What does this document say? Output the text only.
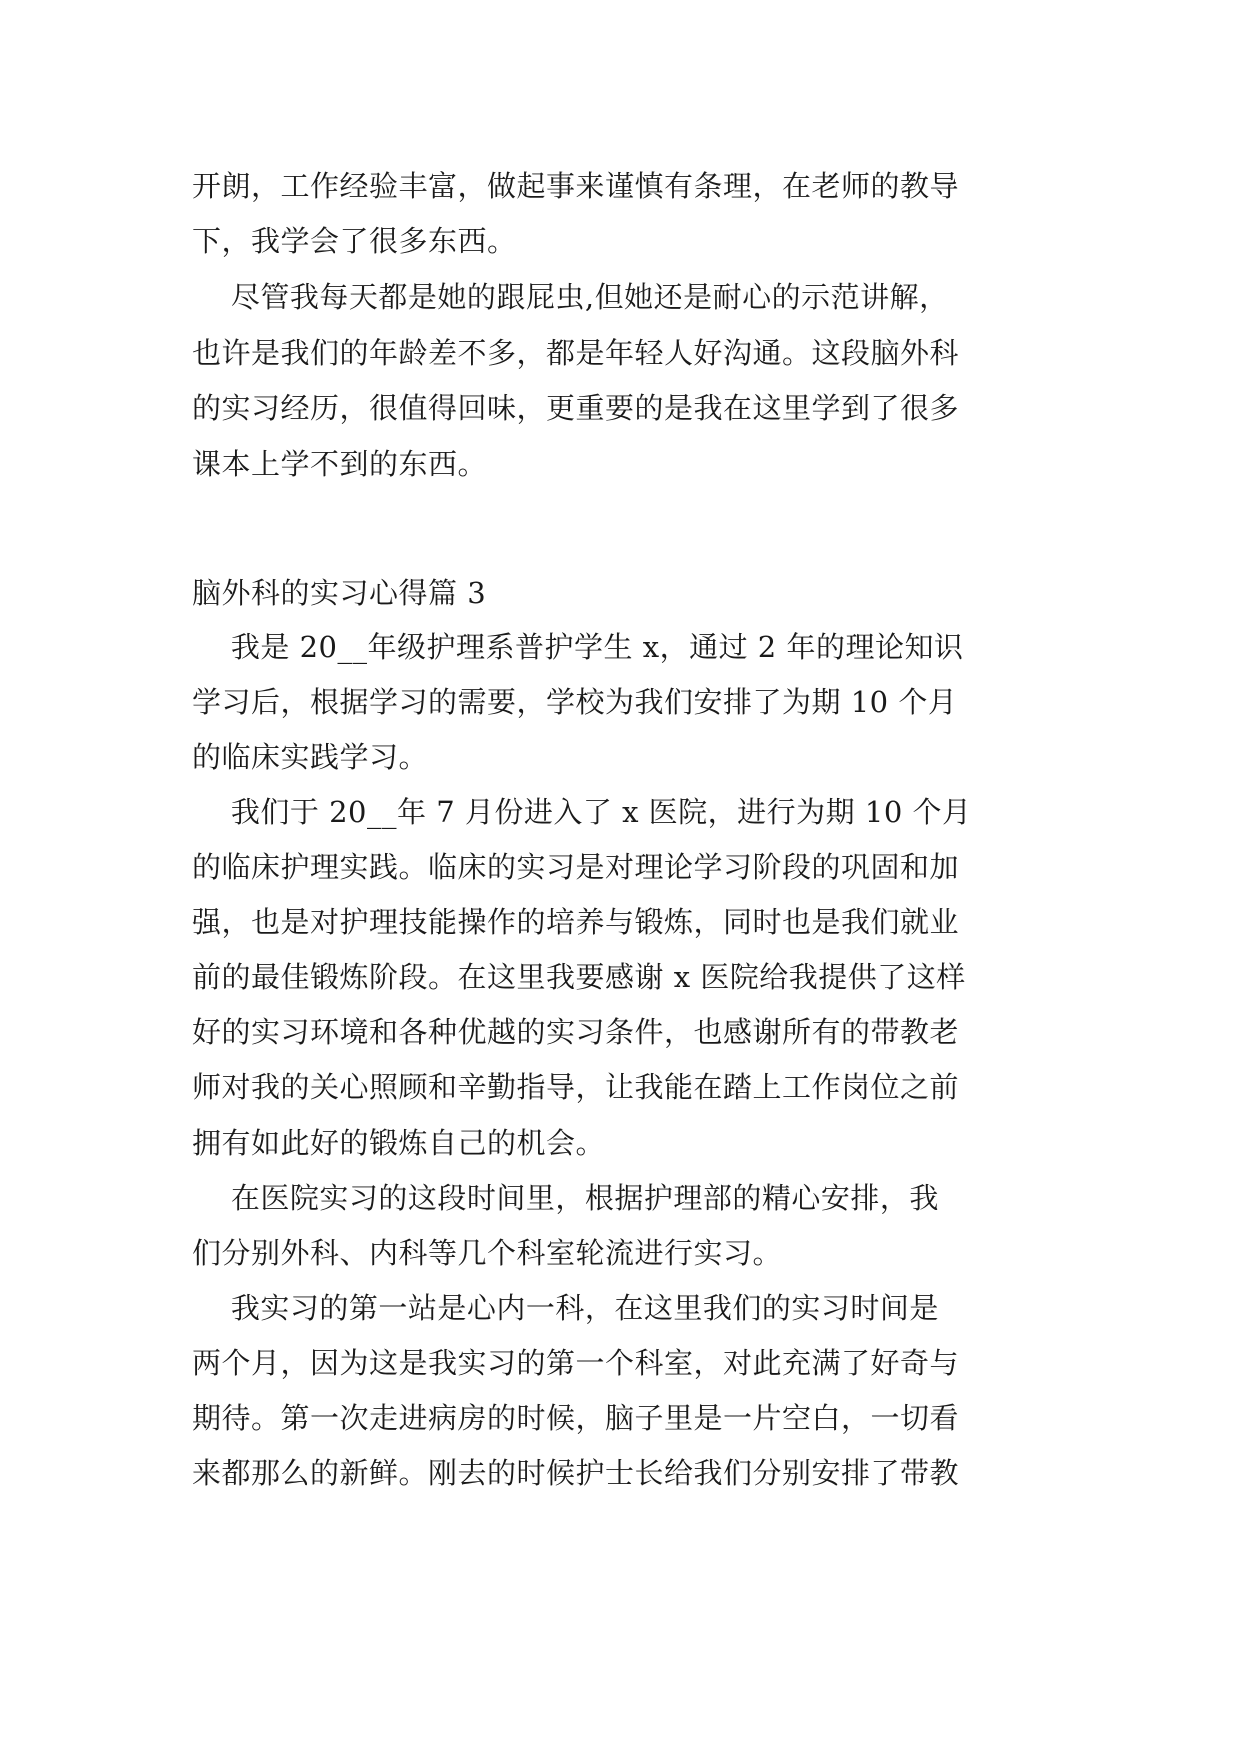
开朗，工作经验丰富，做起事来谨慎有条理，在老师的教导
下，我学会了很多东西。
尽管我每天都是她的跟屁虫,但她还是耐心的示范讲解，
也许是我们的年龄差不多，都是年轻人好沟通。这段脑外科
的实习经历，很值得回味，更重要的是我在这里学到了很多
课本上学不到的东西。
脑外科的实习心得篇 3
我是 20__年级护理系普护学生 x，通过 2 年的理论知识
学习后，根据学习的需要，学校为我们安排了为期 10 个月
的临床实践学习。
我们于 20__年 7 月份进入了 x 医院，进行为期 10 个月
的临床护理实践。临床的实习是对理论学习阶段的巩固和加
强，也是对护理技能操作的培养与锻炼，同时也是我们就业
前的最佳锻炼阶段。在这里我要感谢 x 医院给我提供了这样
好的实习环境和各种优越的实习条件，也感谢所有的带教老
师对我的关心照顾和辛勤指导，让我能在踏上工作岗位之前
拥有如此好的锻炼自己的机会。
在医院实习的这段时间里，根据护理部的精心安排，我
们分别外科、内科等几个科室轮流进行实习。
我实习的第一站是心内一科，在这里我们的实习时间是
两个月，因为这是我实习的第一个科室，对此充满了好奇与
期待。第一次走进病房的时候，脑子里是一片空白，一切看
来都那么的新鲜。刚去的时候护士长给我们分别安排了带教
